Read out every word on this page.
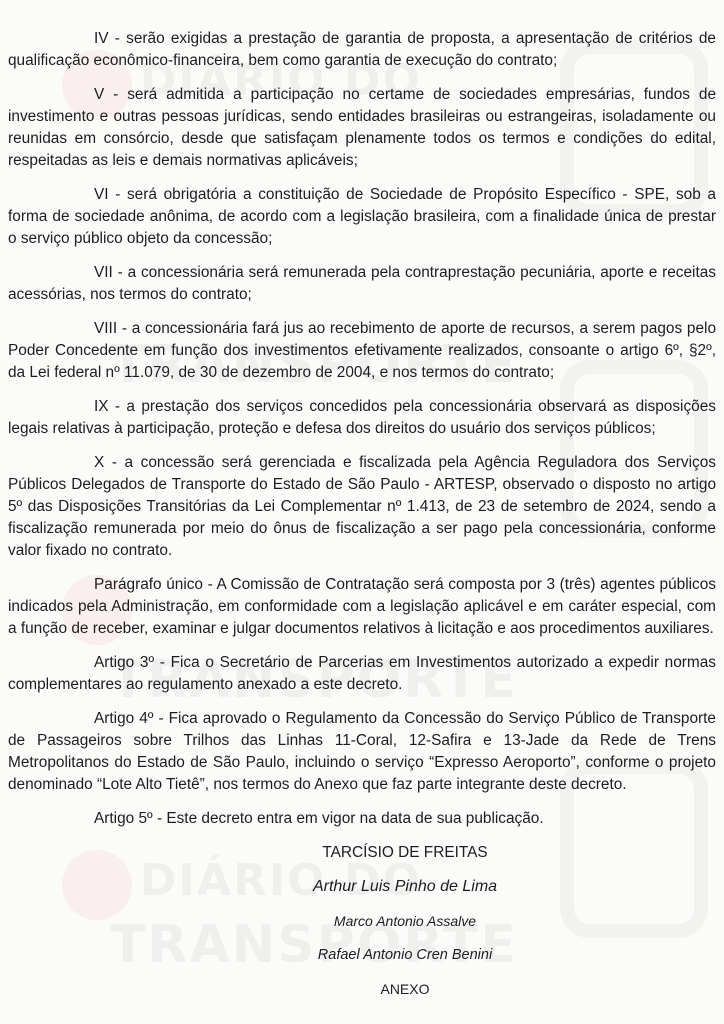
IV - serão exigidas a prestação de garantia de proposta, a apresentação de critérios de qualificação econômico-financeira, bem como garantia de execução do contrato;

V - será admitida a participação no certame de sociedades empresárias, fundos de investimento e outras pessoas jurídicas, sendo entidades brasileiras ou estrangeiras, isoladamente ou reunidas em consórcio, desde que satisfaçam plenamente todos os termos e condições do edital, respeitadas as leis e demais normativas aplicáveis;

VI - será obrigatória a constituição de Sociedade de Propósito Específico - SPE, sob a forma de sociedade anônima, de acordo com a legislação brasileira, com a finalidade única de prestar o serviço público objeto da concessão;

VII - a concessionária será remunerada pela contraprestação pecuniária, aporte e receitas acessórias, nos termos do contrato;

VIII - a concessionária fará jus ao recebimento de aporte de recursos, a serem pagos pelo Poder Concedente em função dos investimentos efetivamente realizados, consoante o artigo 6º, §2º, da Lei federal nº 11.079, de 30 de dezembro de 2004, e nos termos do contrato;

IX - a prestação dos serviços concedidos pela concessionária observará as disposições legais relativas à participação, proteção e defesa dos direitos do usuário dos serviços públicos;

X - a concessão será gerenciada e fiscalizada pela Agência Reguladora dos Serviços Públicos Delegados de Transporte do Estado de São Paulo - ARTESP, observado o disposto no artigo 5º das Disposições Transitórias da Lei Complementar nº 1.413, de 23 de setembro de 2024, sendo a fiscalização remunerada por meio do ônus de fiscalização a ser pago pela concessionária, conforme valor fixado no contrato.

Parágrafo único - A Comissão de Contratação será composta por 3 (três) agentes públicos indicados pela Administração, em conformidade com a legislação aplicável e em caráter especial, com a função de receber, examinar e julgar documentos relativos à licitação e aos procedimentos auxiliares.

Artigo 3º - Fica o Secretário de Parcerias em Investimentos autorizado a expedir normas complementares ao regulamento anexado a este decreto.

Artigo 4º - Fica aprovado o Regulamento da Concessão do Serviço Público de Transporte de Passageiros sobre Trilhos das Linhas 11-Coral, 12-Safira e 13-Jade da Rede de Trens Metropolitanos do Estado de São Paulo, incluindo o serviço “Expresso Aeroporto”, conforme o projeto denominado “Lote Alto Tietê”, nos termos do Anexo que faz parte integrante deste decreto.

Artigo 5º - Este decreto entra em vigor na data de sua publicação.

TARCÍSIO DE FREITAS

Arthur Luis Pinho de Lima

Marco Antonio Assalve

Rafael Antonio Cren Benini

ANEXO
